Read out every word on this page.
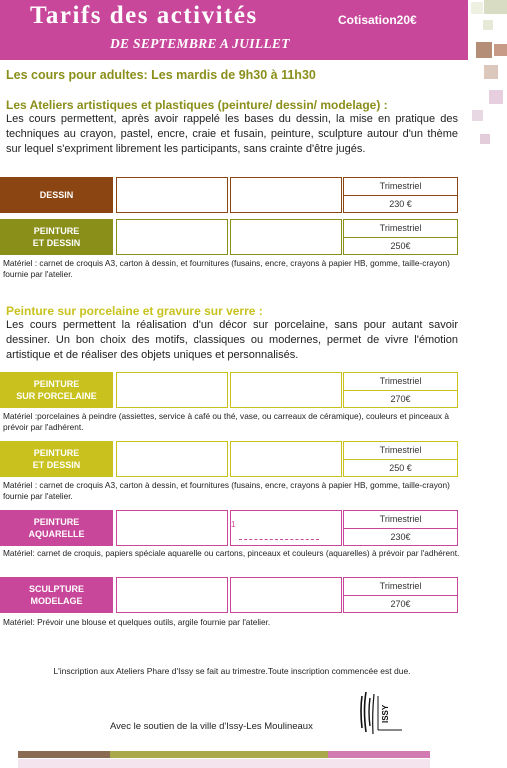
Tarifs des activités	Cotisation20€
DE SEPTEMBRE A JUILLET
Les cours pour adultes: Les mardis de 9h30 à 11h30
Les Ateliers artistiques et plastiques (peinture/ dessin/ modelage) :
Les cours permettent, après avoir rappelé les bases du dessin, la mise en pratique des techniques au crayon, pastel, encre, craie et fusain, peinture, sculpture autour d'un thème sur lequel s'expriment librement les participants, sans crainte d'être jugés.
DESSIN
Trimestriel
230 €
PEINTURE
ET DESSIN
Trimestriel
250€
Matériel : carnet de croquis A3, carton à dessin, et fournitures (fusains, encre, crayons à papier HB, gomme, taille-crayon) fournie par l'atelier.
Peinture sur porcelaine et gravure sur verre :
Les cours permettent la réalisation d'un décor sur porcelaine, sans pour autant savoir dessiner. Un bon choix des motifs, classiques ou modernes, permet de vivre l'émotion artistique et de réaliser des objets uniques et personnalisés.
PEINTURE
SUR PORCELAINE
Trimestriel
270€
Matériel :porcelaines à peindre (assiettes, service à café ou thé, vase, ou carreaux de céramique), couleurs et pinceaux à prévoir par l'adhérent.
PEINTURE
ET DESSIN
Trimestriel
250 €
Matériel : carnet de croquis A3, carton à dessin, et fournitures (fusains, encre, crayons à papier HB, gomme, taille-crayon) fournie par l'atelier.
PEINTURE
AQUARELLE
1
Trimestriel
230€
Matériel: carnet de croquis, papiers spéciale aquarelle ou cartons, pinceaux et couleurs (aquarelles) à prévoir par l'adhérent.
SCULPTURE
MODELAGE
Trimestriel
270€
Matériel: Prévoir une blouse et quelques outils, argile fournie par l'atelier.
L'inscription aux Ateliers Phare d'Issy se fait au trimestre.Toute inscription commencée est due.
Avec le soutien de la ville d'Issy-Les Moulineaux
ISSY
